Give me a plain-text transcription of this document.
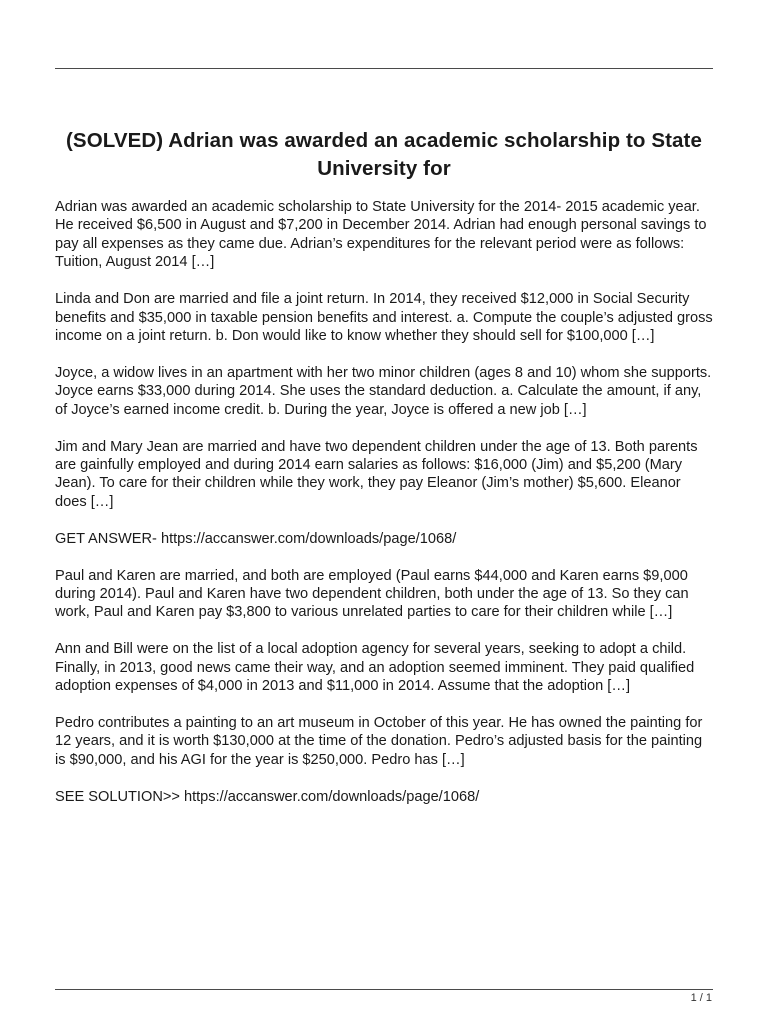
(SOLVED) Adrian was awarded an academic scholarship to State University for

Adrian was awarded an academic scholarship to State University for the 2014- 2015 academic year. He received $6,500 in August and $7,200 in December 2014. Adrian had enough personal savings to pay all expenses as they came due. Adrian’s expenditures for the relevant period were as follows: Tuition, August 2014 […]

Linda and Don are married and file a joint return. In 2014, they received $12,000 in Social Security benefits and $35,000 in taxable pension benefits and interest. a. Compute the couple’s adjusted gross income on a joint return. b. Don would like to know whether they should sell for $100,000 […]

Joyce, a widow lives in an apartment with her two minor children (ages 8 and 10) whom she supports. Joyce earns $33,000 during 2014. She uses the standard deduction. a. Calculate the amount, if any, of Joyce’s earned income credit. b. During the year, Joyce is offered a new job […]

Jim and Mary Jean are married and have two dependent children under the age of 13. Both parents are gainfully employed and during 2014 earn salaries as follows: $16,000 (Jim) and $5,200 (Mary Jean). To care for their children while they work, they pay Eleanor (Jim’s mother) $5,600. Eleanor does […]

GET ANSWER- https://accanswer.com/downloads/page/1068/

Paul and Karen are married, and both are employed (Paul earns $44,000 and Karen earns $9,000 during 2014). Paul and Karen have two dependent children, both under the age of 13. So they can work, Paul and Karen pay $3,800 to various unrelated parties to care for their children while […]

Ann and Bill were on the list of a local adoption agency for several years, seeking to adopt a child. Finally, in 2013, good news came their way, and an adoption seemed imminent. They paid qualified adoption expenses of $4,000 in 2013 and $11,000 in 2014. Assume that the adoption […]

Pedro contributes a painting to an art museum in October of this year. He has owned the painting for 12 years, and it is worth $130,000 at the time of the donation. Pedro’s adjusted basis for the painting is $90,000, and his AGI for the year is $250,000. Pedro has […]

SEE SOLUTION>> https://accanswer.com/downloads/page/1068/

1 / 1
